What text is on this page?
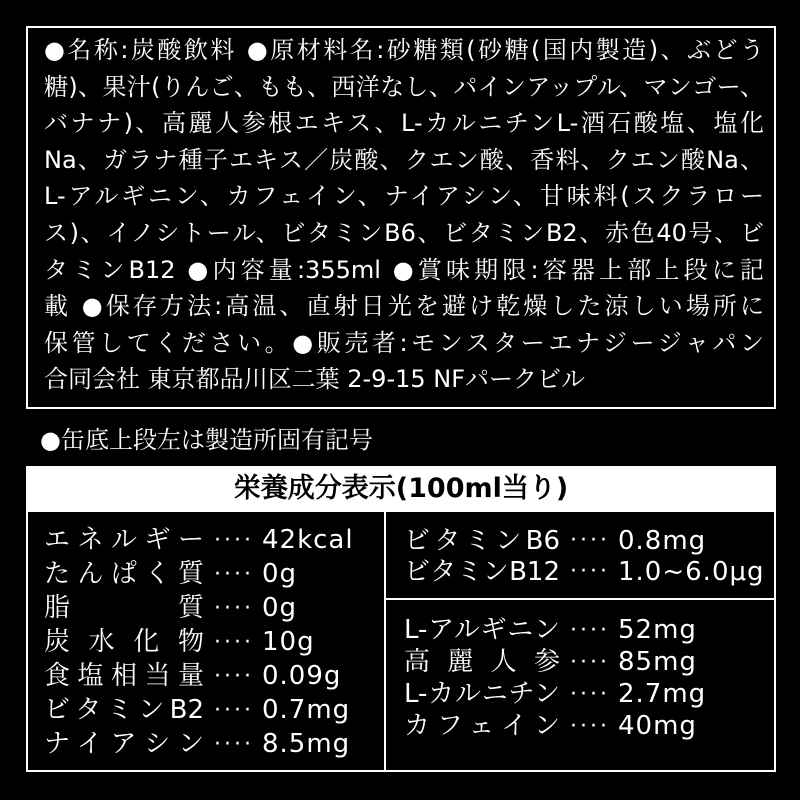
●名称:炭酸飲料 ●原材料名:砂糖類(砂糖(国内製造)、ぶどう
糖)、果汁(りんご、もも、西洋なし、パインアップル、マンゴー、
バナナ)、高麗人参根エキス、L-カルニチンL-酒石酸塩、塩化
Na、ガラナ種子エキス／炭酸、クエン酸、香料、クエン酸Na、
L-アルギニン、カフェイン、ナイアシン、甘味料(スクラロー
ス)、イノシトール、ビタミンB6、ビタミンB2、赤色40号、ビ
タミンB12 ●内容量:355ml ●賞味期限:容器上部上段に記
載 ●保存方法:高温、直射日光を避け乾燥した涼しい場所に
保管してください。●販売者:モンスターエナジージャパン
合同会社 東京都品川区二葉 2-9-15 NFパークビル
●缶底上段左は製造所固有記号
栄養成分表示(100ml当り)
エネルギー ···· 42kcal
たんぱく質 ···· 0g
脂質 ···· 0g
炭水化物 ···· 10g
食塩相当量 ···· 0.09g
ビタミンB2 ···· 0.7mg
ナイアシン ···· 8.5mg
ビタミンB6 ···· 0.8mg
ビタミンB12 ···· 1.0~6.0μg
L-アルギニン ···· 52mg
高麗人参 ···· 85mg
L-カルニチン ···· 2.7mg
カフェイン ···· 40mg
